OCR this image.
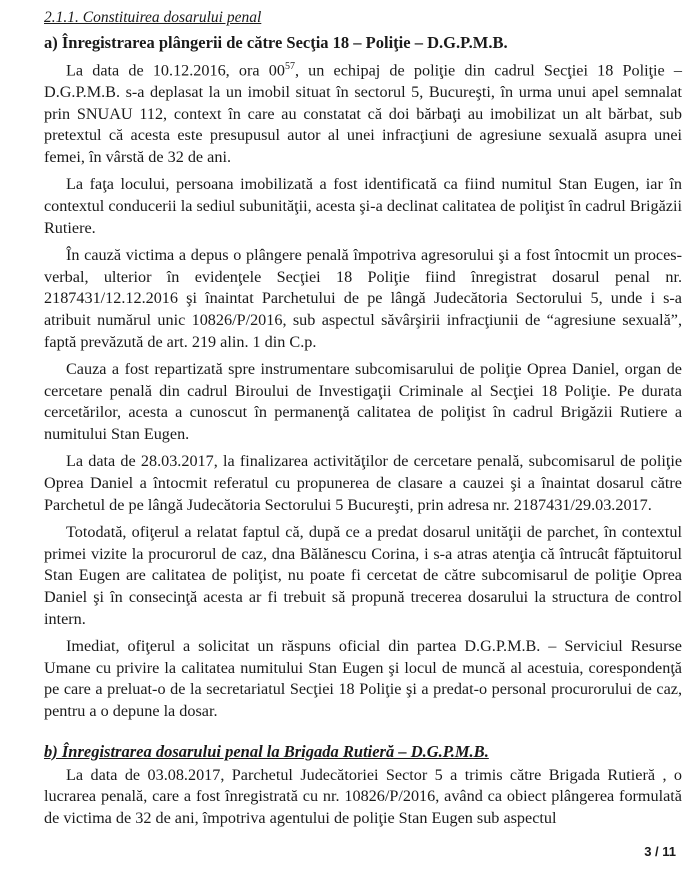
2.1.1. Constituirea dosarului penal
a) Înregistrarea plângerii de către Secţia 18 – Poliţie – D.G.P.M.B.

La data de 10.12.2016, ora $00^{57}$, un echipaj de poliţie din cadrul Secţiei 18 Poliţie – D.G.P.M.B. s-a deplasat la un imobil situat în sectorul 5, Bucureşti, în urma unui apel semnalat prin SNUAU 112, context în care au constatat că doi bărbaţi au imobilizat un alt bărbat, sub pretextul că acesta este presupusul autor al unei infracţiuni de agresiune sexuală asupra unei femei, în vârstă de 32 de ani.

La faţa locului, persoana imobilizată a fost identificată ca fiind numitul Stan Eugen, iar în contextul conducerii la sediul subunităţii, acesta şi-a declinat calitatea de poliţist în cadrul Brigăzii Rutiere.

În cauză victima a depus o plângere penală împotriva agresorului şi a fost întocmit un proces-verbal, ulterior în evidenţele Secţiei 18 Poliţie fiind înregistrat dosarul penal nr. 2187431/12.12.2016 şi înaintat Parchetului de pe lângă Judecătoria Sectorului 5, unde i s-a atribuit numărul unic 10826/P/2016, sub aspectul săvârşirii infracţiunii de “agresiune sexuală”, faptă prevăzută de art. 219 alin. 1 din C.p.

Cauza a fost repartizată spre instrumentare subcomisarului de poliţie Oprea Daniel, organ de cercetare penală din cadrul Biroului de Investigaţii Criminale al Secţiei 18 Poliţie. Pe durata cercetărilor, acesta a cunoscut în permanenţă calitatea de poliţist în cadrul Brigăzii Rutiere a numitului Stan Eugen.

La data de 28.03.2017, la finalizarea activităţilor de cercetare penală, subcomisarul de poliţie Oprea Daniel a întocmit referatul cu propunerea de clasare a cauzei şi a înaintat dosarul către Parchetul de pe lângă Judecătoria Sectorului 5 Bucureşti, prin adresa nr. 2187431/29.03.2017.

Totodată, ofiţerul a relatat faptul că, după ce a predat dosarul unităţii de parchet, în contextul primei vizite la procurorul de caz, dna Bălănescu Corina, i s-a atras atenţia că întrucât făptuitorul Stan Eugen are calitatea de poliţist, nu poate fi cercetat de către subcomisarul de poliţie Oprea Daniel şi în consecinţă acesta ar fi trebuit să propună trecerea dosarului la structura de control intern.

Imediat, ofiţerul a solicitat un răspuns oficial din partea D.G.P.M.B. – Serviciul Resurse Umane cu privire la calitatea numitului Stan Eugen şi locul de muncă al acestuia, corespondenţă pe care a preluat-o de la secretariatul Secţiei 18 Poliţie şi a predat-o personal procurorului de caz, pentru a o depune la dosar.

b) Înregistrarea dosarului penal la Brigada Rutieră – D.G.P.M.B.

La data de 03.08.2017, Parchetul Judecătoriei Sector 5 a trimis către Brigada Rutieră , o lucrarea penală, care a fost înregistrată cu nr. 10826/P/2016, având ca obiect plângerea formulată de victima de 32 de ani, împotriva agentului de poliţie Stan Eugen sub aspectul

3 / 11
